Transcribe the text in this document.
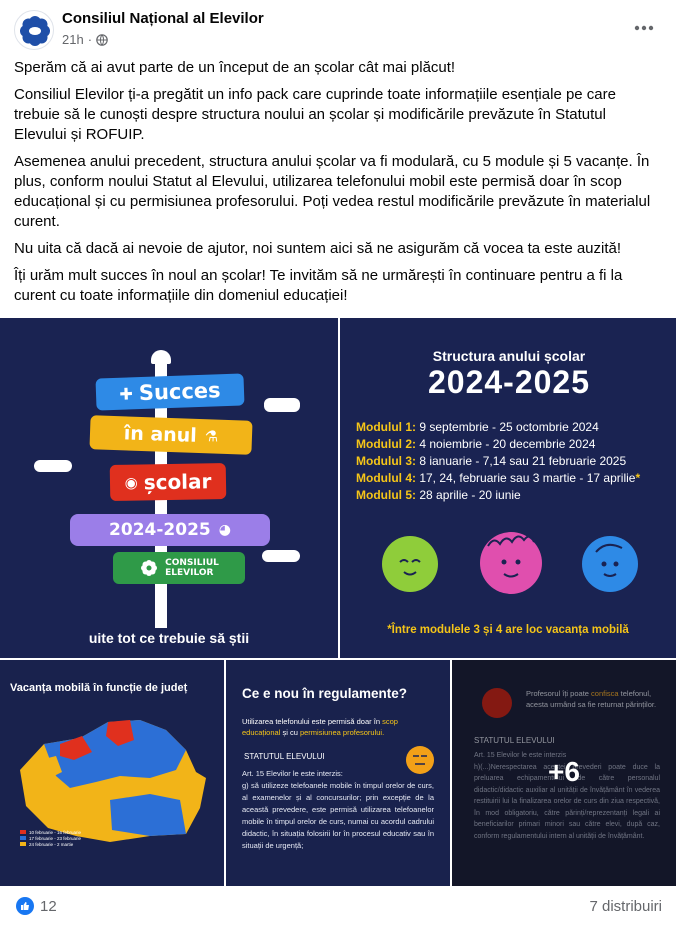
Consiliul Național al Elevilor
21h ·

Sperăm că ai avut parte de un început de an școlar cât mai plăcut!

Consiliul Elevilor ți-a pregătit un info pack care cuprinde toate informațiile esențiale pe care trebuie să le cunoști despre structura noului an școlar și modificările prevăzute în Statutul Elevului și ROFUIP.

Asemenea anului precedent, structura anului școlar va fi modulară, cu 5 module și 5 vacanțe. În plus, conform noului Statut al Elevului, utilizarea telefonului mobil este permisă doar în scop educațional și cu permisiunea profesorului. Poți vedea restul modificările prevăzute în materialul curent.

Nu uita că dacă ai nevoie de ajutor, noi suntem aici să ne asigurăm că vocea ta este auzită!

Îți urăm mult succes în noul an școlar! Te invităm să ne urmărești în continuare pentru a fi la curent cu toate informațiile din domeniul educației!

✚ Succes
în anul ⚗
◉ școlar
2024-2025 ◕
CONSILIUL
ELEVILOR
uite tot ce trebuie să știi
Structura anului școlar
2024-2025
Modulul 1: 9 septembrie - 25 octombrie 2024
Modulul 2: 4 noiembrie - 20 decembrie 2024
Modulul 3: 8 ianuarie - 7,14 sau 21 februarie 2025
Modulul 4: 17, 24, februarie sau 3 martie - 17 aprilie*
Modulul 5: 28 aprilie - 20 iunie
*Între modulele 3 și 4 are loc vacanța mobilă
Vacanța mobilă în funcție de județ
10 februarie - 16 februarie
17 februarie - 23 februarie
24 februarie - 2 martie
Ce e nou în regulamente?
Utilizarea telefonului este permisă doar în scop educațional și cu permisiunea profesorului.
STATUTUL ELEVULUI
Art. 15 Elevilor le este interzis:
g) să utilizeze telefoanele mobile în timpul orelor de curs, al examenelor și al concursurilor; prin excepție de la această prevedere, este permisă utilizarea telefoanelor mobile în timpul orelor de curs, numai cu acordul cadrului didactic, în situația folosirii lor în procesul educativ sau în situații de urgență;
Profesorul îți poate confisca telefonul, acesta urmând sa fie returnat părinților.
STATUTUL ELEVULUI
Art. 15 Elevilor le este interzis
h)(...)Nerespectarea acestei prevederi poate duce la preluarea echipamentului de către personalul didactic/didactic auxiliar al unității de învățământ în vederea restituirii lui la finalizarea orelor de curs din ziua respectivă, în mod obligatoriu, către părinți/reprezentanți legali ai beneficiarilor primari minori sau către elevi, după caz, conform regulamentului intern al unității de învățământ.
+6
12	7 distribuiri
